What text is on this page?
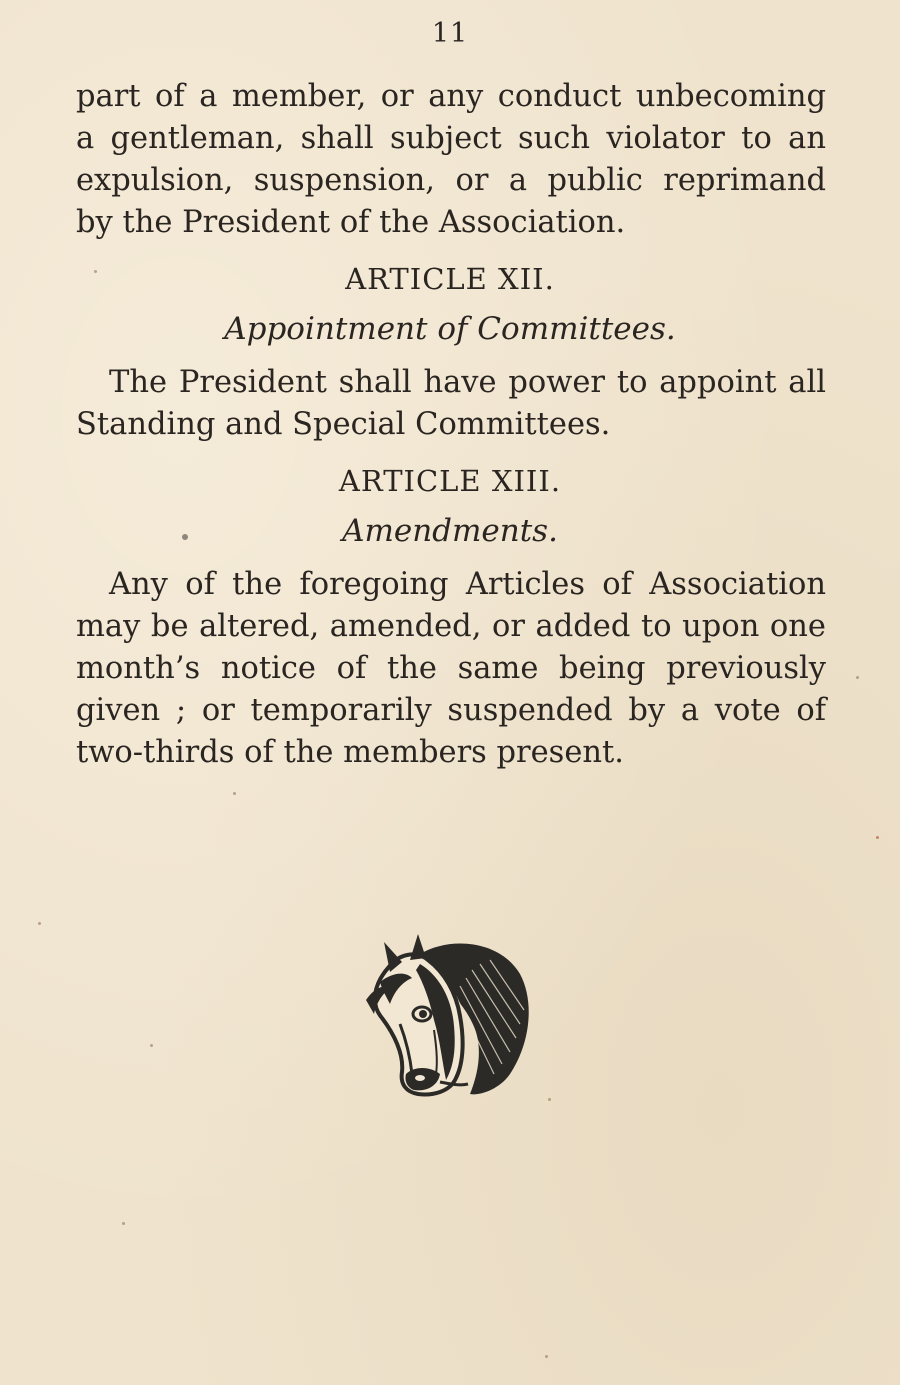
11
part of a member, or any conduct unbecoming
a gentleman, shall subject such violator to an
expulsion, suspension, or a public reprimand
by the President of the Association.
ARTICLE XII.
Appointment of Committees.
The President shall have power to appoint all
Standing and Special Committees.
ARTICLE XIII.
Amendments.
Any of the foregoing Articles of Association
may be altered, amended, or added to upon one
month’s notice of the same being previously
given ; or temporarily suspended by a vote of
two-thirds of the members present.
